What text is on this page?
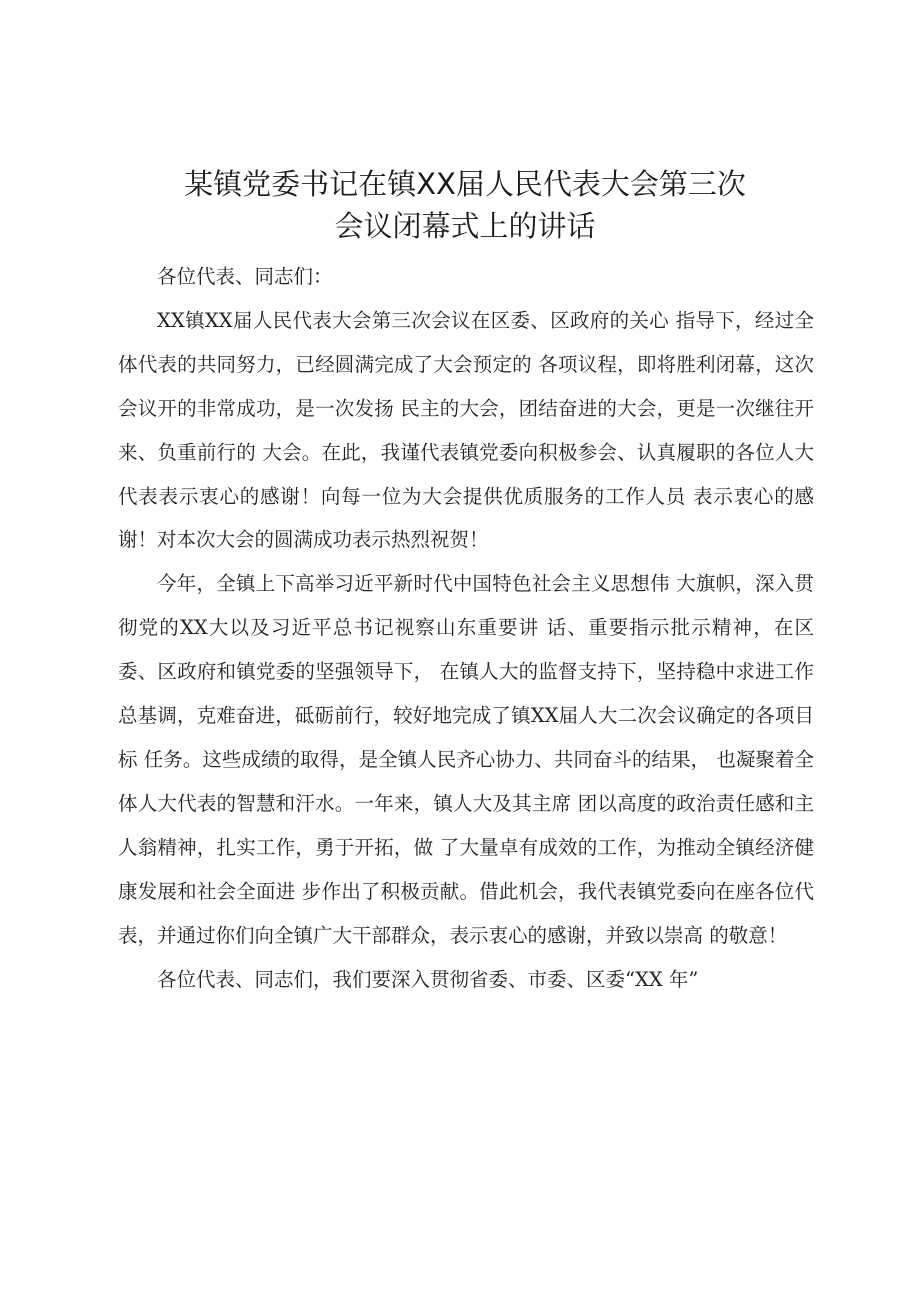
某镇党委书记在镇XX届人民代表大会第三次
会议闭幕式上的讲话

各位代表、同志们：

XX镇XX届人民代表大会第三次会议在区委、区政府的关心 指导下，经过全体代表的共同努力，已经圆满完成了大会预定的 各项议程，即将胜利闭幕，这次会议开的非常成功，是一次发扬 民主的大会，团结奋进的大会，更是一次继往开来、负重前行的 大会。在此，我谨代表镇党委向积极参会、认真履职的各位人大 代表表示衷心的感谢！向每一位为大会提供优质服务的工作人员 表示衷心的感谢！对本次大会的圆满成功表示热烈祝贺！

今年，全镇上下高举习近平新时代中国特色社会主义思想伟 大旗帜，深入贯彻党的XX大以及习近平总书记视察山东重要讲 话、重要指示批示精神，在区委、区政府和镇党委的坚强领导下， 在镇人大的监督支持下，坚持稳中求进工作总基调，克难奋进，砥砺前行，较好地完成了镇XX届人大二次会议确定的各项目标 任务。这些成绩的取得，是全镇人民齐心协力、共同奋斗的结果， 也凝聚着全体人大代表的智慧和汗水。一年来，镇人大及其主席 团以高度的政治责任感和主人翁精神，扎实工作，勇于开拓，做 了大量卓有成效的工作，为推动全镇经济健康发展和社会全面进 步作出了积极贡献。借此机会，我代表镇党委向在座各位代表，并通过你们向全镇广大干部群众，表示衷心的感谢，并致以崇高 的敬意！

各位代表、同志们，我们要深入贯彻省委、市委、区委“XX 年”
